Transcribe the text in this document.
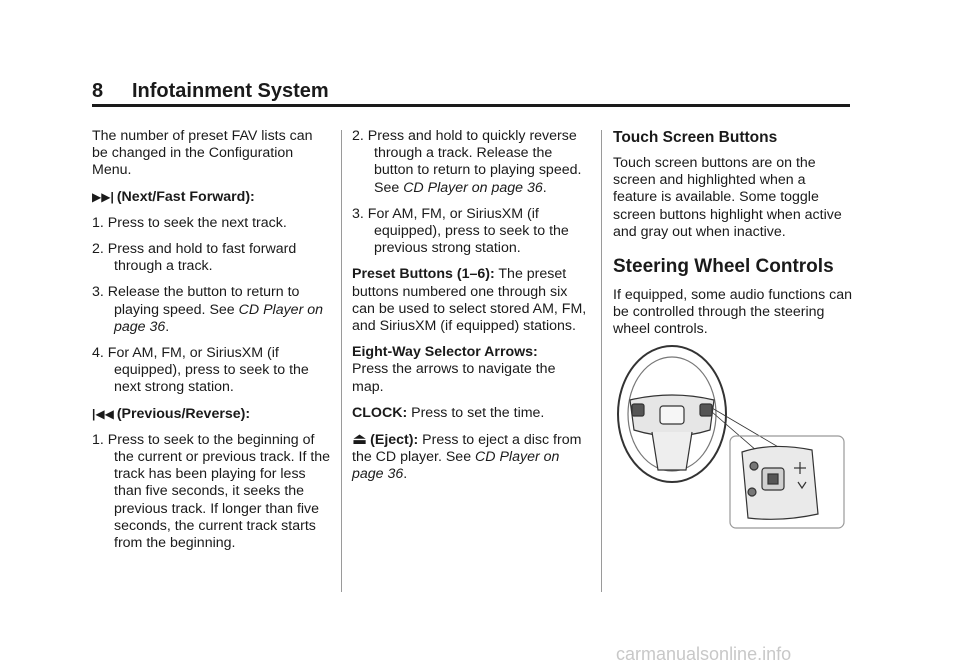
8 Infotainment System

The number of preset FAV lists can be changed in the Configuration Menu.

▶▶| (Next/Fast Forward):

1. Press to seek the next track.

2. Press and hold to fast forward through a track.

3. Release the button to return to playing speed. See CD Player on page 36.

4. For AM, FM, or SiriusXM (if equipped), press to seek to the next strong station.

|◀◀ (Previous/Reverse):

1. Press to seek to the beginning of the current or previous track. If the track has been playing for less than five seconds, it seeks the previous track. If longer than five seconds, the current track starts from the beginning.

2. Press and hold to quickly reverse through a track. Release the button to return to playing speed. See CD Player on page 36.

3. For AM, FM, or SiriusXM (if equipped), press to seek to the previous strong station.

Preset Buttons (1–6): The preset buttons numbered one through six can be used to select stored AM, FM, and SiriusXM (if equipped) stations.

Eight-Way Selector Arrows:
Press the arrows to navigate the map.

CLOCK: Press to set the time.

⏏ (Eject): Press to eject a disc from the CD player. See CD Player on page 36.

Touch Screen Buttons

Touch screen buttons are on the screen and highlighted when a feature is available. Some toggle screen buttons highlight when active and gray out when inactive.

Steering Wheel Controls

If equipped, some audio functions can be controlled through the steering wheel controls.

carmanualsonline.info
